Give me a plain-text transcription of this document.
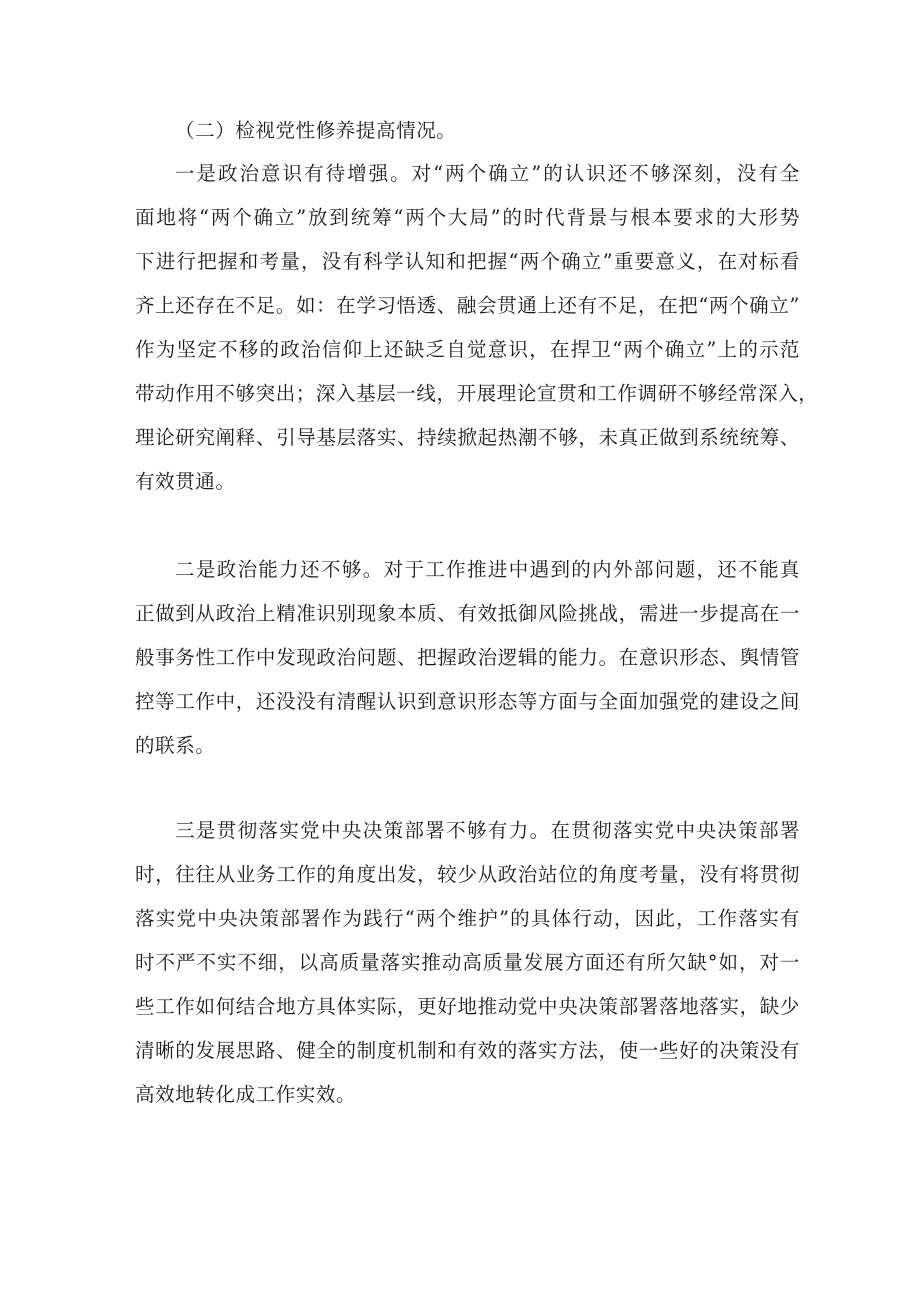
（二）检视党性修养提高情况。
一是政治意识有待增强。对“两个确立”的认识还不够深刻，没有全
面地将“两个确立”放到统筹“两个大局”的时代背景与根本要求的大形势
下进行把握和考量，没有科学认知和把握“两个确立”重要意义，在对标看
齐上还存在不足。如：在学习悟透、融会贯通上还有不足，在把“两个确立”
作为坚定不移的政治信仰上还缺乏自觉意识，在捍卫“两个确立”上的示范
带动作用不够突出；深入基层一线，开展理论宣贯和工作调研不够经常深入，
理论研究阐释、引导基层落实、持续掀起热潮不够，未真正做到系统统筹、
有效贯通。
二是政治能力还不够。对于工作推进中遇到的内外部问题，还不能真
正做到从政治上精准识别现象本质、有效抵御风险挑战，需进一步提高在一
般事务性工作中发现政治问题、把握政治逻辑的能力。在意识形态、舆情管
控等工作中，还没没有清醒认识到意识形态等方面与全面加强党的建设之间
的联系。
三是贯彻落实党中央决策部署不够有力。在贯彻落实党中央决策部署
时，往往从业务工作的角度出发，较少从政治站位的角度考量，没有将贯彻
落实党中央决策部署作为践行“两个维护”的具体行动，因此，工作落实有
时不严不实不细，以高质量落实推动高质量发展方面还有所欠缺°如，对一
些工作如何结合地方具体实际，更好地推动党中央决策部署落地落实，缺少
清晰的发展思路、健全的制度机制和有效的落实方法，使一些好的决策没有
高效地转化成工作实效。
